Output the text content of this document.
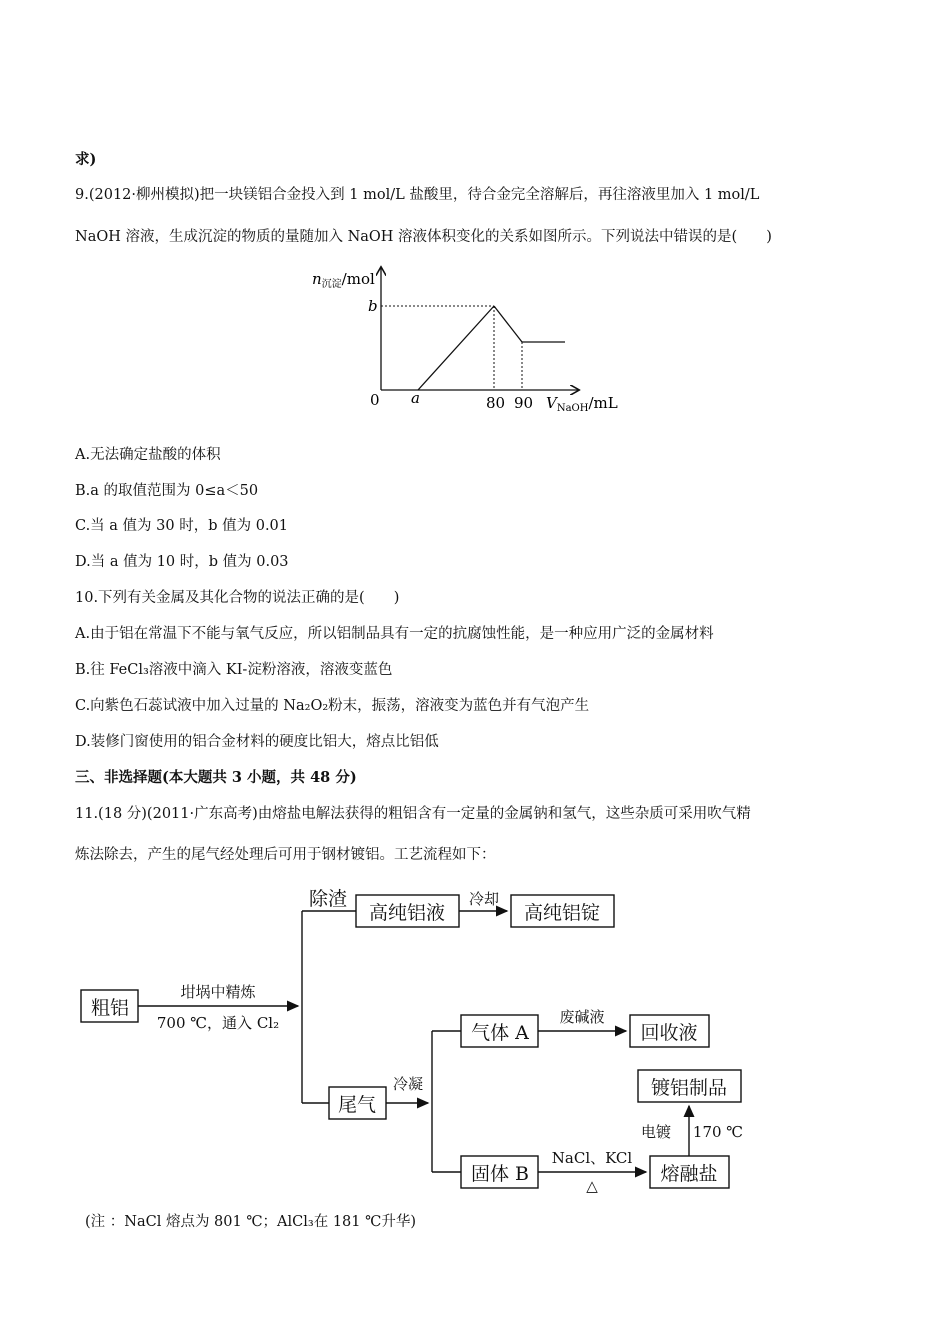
求)
9.(2012·柳州模拟)把一块镁铝合金投入到 1 mol/L 盐酸里，待合金完全溶解后，再往溶液里加入 1 mol/L
NaOH 溶液，生成沉淀的物质的量随加入 NaOH 溶液体积变化的关系如图所示。下列说法中错误的是(　　)
$n_{沉淀}$/mol
b
0 a	80 90 $V_{NaOH}/mL$
A.无法确定盐酸的体积
B.a 的取值范围为 0≤a＜50
C.当 a 值为 30 时，b 值为 0.01
D.当 a 值为 10 时，b 值为 0.03
10.下列有关金属及其化合物的说法正确的是(　　)
A.由于铝在常温下不能与氧气反应，所以铝制品具有一定的抗腐蚀性能，是一种应用广泛的金属材料
B.往 FeCl₃溶液中滴入 KI-淀粉溶液，溶液变蓝色
C.向紫色石蕊试液中加入过量的 Na₂O₂粉末，振荡，溶液变为蓝色并有气泡产生
D.装修门窗使用的铝合金材料的硬度比铝大，熔点比铝低
三、非选择题(本大题共 3 小题，共 48 分)
11.(18 分)(2011·广东高考)由熔盐电解法获得的粗铝含有一定量的金属钠和氢气，这些杂质可采用吹气精
炼法除去，产生的尾气经处理后可用于钢材镀铝。工艺流程如下：
粗铝
高纯铝液	高纯铝锭
尾气
气体 A	回收液
固体 B	熔融盐
镀铝制品
除渣
坩埚中精炼
700 ℃，通入 Cl₂
冷却
冷凝
废碱液
NaCl、KCl
△
电镀 170 ℃
(注 ：NaCl 熔点为 801 ℃；AlCl₃在 181 ℃升华)
